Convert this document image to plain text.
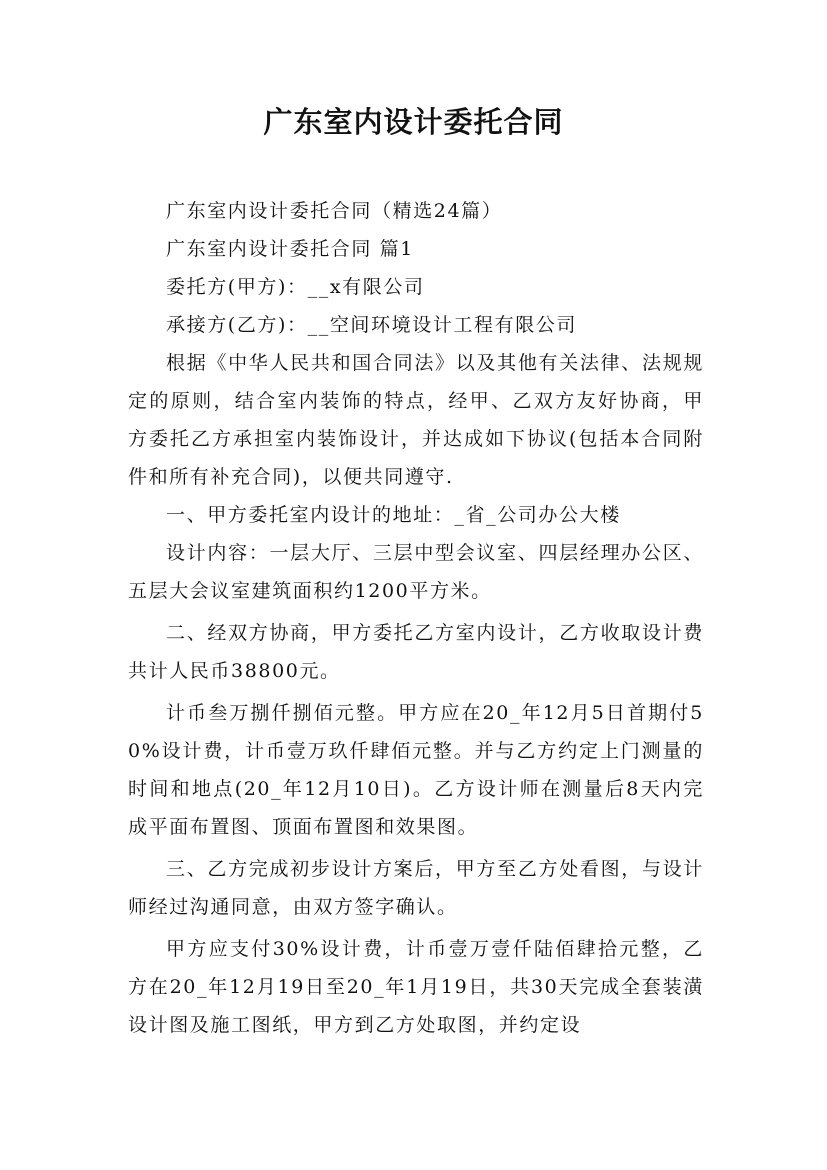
广东室内设计委托合同

广东室内设计委托合同（精选24篇）

广东室内设计委托合同 篇1

委托方(甲方)：__x有限公司

承接方(乙方)：__空间环境设计工程有限公司

根据《中华人民共和国合同法》以及其他有关法律、法规规定的原则，结合室内装饰的特点，经甲、乙双方友好协商，甲方委托乙方承担室内装饰设计，并达成如下协议(包括本合同附件和所有补充合同)，以便共同遵守.

一、甲方委托室内设计的地址：_省_公司办公大楼

设计内容：一层大厅、三层中型会议室、四层经理办公区、五层大会议室建筑面积约1200平方米。

二、经双方协商，甲方委托乙方室内设计，乙方收取设计费共计人民币38800元。

计币叁万捌仟捌佰元整。甲方应在20_年12月5日首期付50%设计费，计币壹万玖仟肆佰元整。并与乙方约定上门测量的时间和地点(20_年12月10日)。乙方设计师在测量后8天内完成平面布置图、顶面布置图和效果图。

三、乙方完成初步设计方案后，甲方至乙方处看图，与设计师经过沟通同意，由双方签字确认。

甲方应支付30%设计费，计币壹万壹仟陆佰肆拾元整，乙方在20_年12月19日至20_年1月19日，共30天完成全套装潢设计图及施工图纸，甲方到乙方处取图，并约定设
